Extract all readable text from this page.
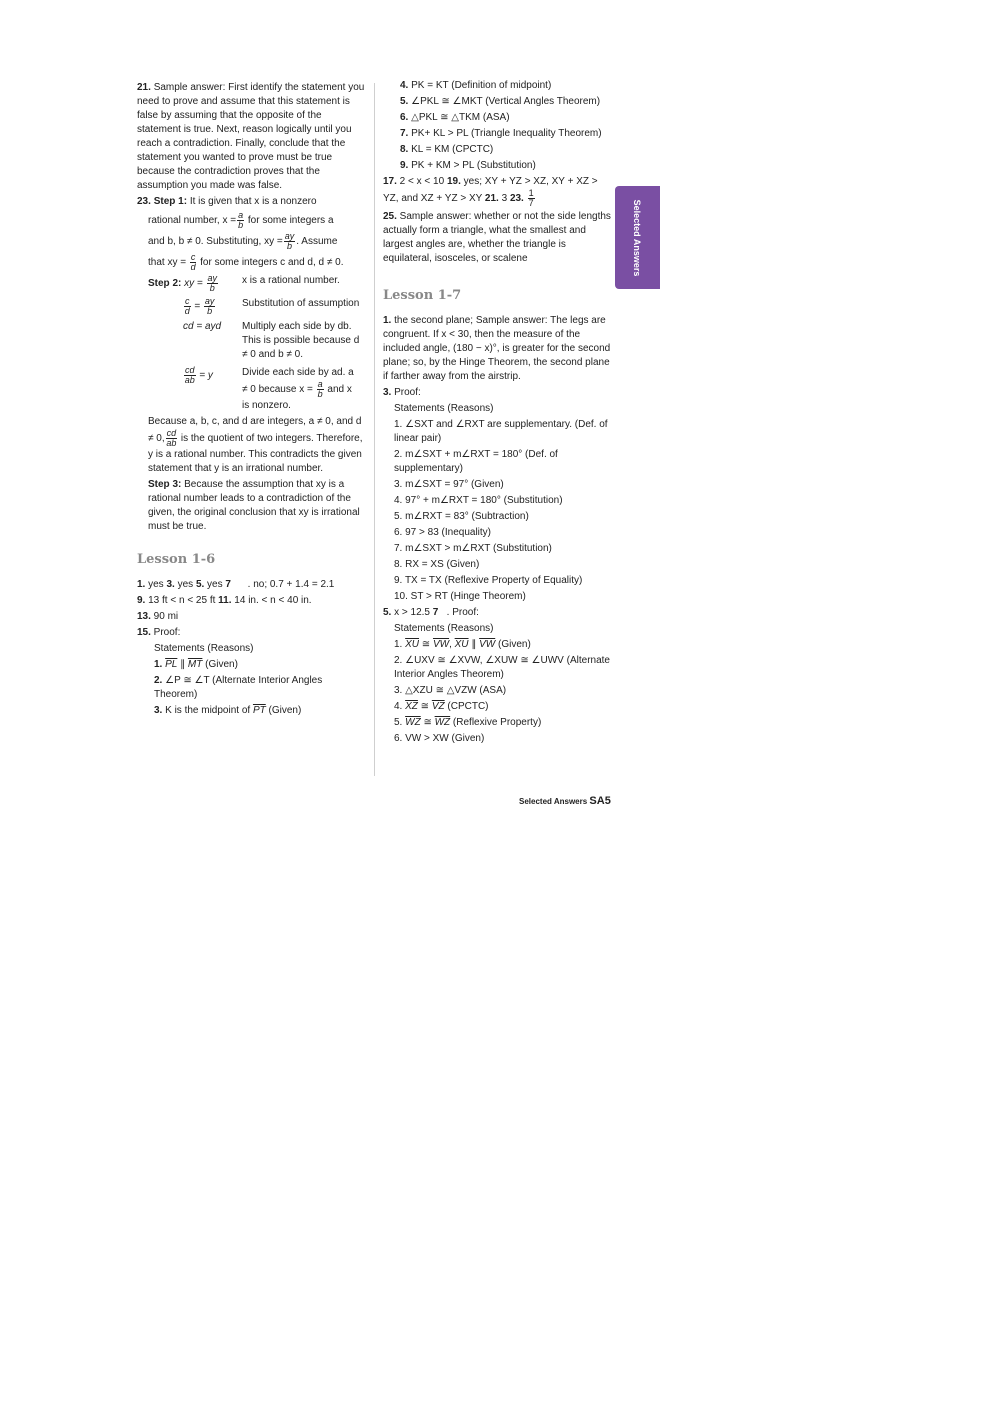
21. Sample answer: First identify the statement you need to prove and assume that this statement is false by assuming that the opposite of the statement is true. Next, reason logically until you reach a contradiction. Finally, conclude that the statement you wanted to prove must be true because the contradiction proves that the assumption you made was false.

23. Step 1: It is given that x is a nonzero

rational number, $x = \frac{a}{b}$ for some integers a
and b, b ≠ 0. Substituting, xy = $\frac{ay}{b}$ . Assume
that xy = $\frac{c}{d}$ for some integers c and d, d ≠ 0.
Step 2: xy = $\frac{ay}{b}$ x is a rational number.
$\frac{c}{d} = \frac{ay}{b}$	Substitution of assumption
cd = ayd	Multiply each side by db. This is possible because d ≠ 0 and b ≠ 0.
$\frac{cd}{ab} = y$	Divide each side by ad. a ≠ 0 because $x = \frac{a}{b}$ and x is nonzero.

Because a, b, c, and d are integers, a ≠ 0, and d ≠ 0, $\frac{cd}{ab}$ is the quotient of two integers. Therefore, y is a rational number. This contradicts the given statement that y is an irrational number.

Step 3: Because the assumption that xy is a rational number leads to a contradiction of the given, the original conclusion that xy is irrational must be true.

Lesson 1-6

1. yes 3. yes 5. yes 7      . no; 0.7 + 1.4 = 2.1

9. 13 ft < n < 25 ft 11. 14 in. < n < 40 in.

13. 90 mi

15. Proof:

Statements (Reasons)

1. $\overline{PL}$ ∥ $\overline{MT}$ (Given)

2. ∠P ≅ ∠T (Alternate Interior Angles Theorem)

3. K is the midpoint of $\overline{PT}$ (Given)

4. PK = KT (Definition of midpoint)

5. ∠PKL ≅ ∠MKT (Vertical Angles Theorem)

6. △PKL ≅ △TKM (ASA)

7. PK+ KL > PL (Triangle Inequality Theorem)

8. KL = KM (CPCTC)

9. PK + KM > PL (Substitution)

17. 2 < x < 10 19. yes; XY + YZ > XZ, XY + XZ > YZ, and XZ + YZ > XY 21. 3 23. $\frac{1}{7}$

25. Sample answer: whether or not the side lengths actually form a triangle, what the smallest and largest angles are, whether the triangle is equilateral, isosceles, or scalene

Lesson 1-7

1. the second plane; Sample answer: The legs are congruent. If x < 30, then the measure of the included angle, (180 − x)°, is greater for the second plane; so, by the Hinge Theorem, the second plane if farther away from the airstrip.

3. Proof:

Statements (Reasons)

1. ∠SXT and ∠RXT are supplementary. (Def. of linear pair)

2. m∠SXT + m∠RXT = 180° (Def. of supplementary)

3. m∠SXT = 97° (Given)

4. 97° + m∠RXT = 180° (Substitution)

5. m∠RXT = 83° (Subtraction)

6. 97 > 83 (Inequality)

7. m∠SXT > m∠RXT (Substitution)

8. RX = XS (Given)

9. TX = TX (Reflexive Property of Equality)

10. ST > RT (Hinge Theorem)

5. x > 12.5 7   . Proof:

Statements (Reasons)

1. $\overline{XU}$ ≅ $\overline{VW}$, $\overline{XU}$ ∥ $\overline{VW}$ (Given)

2. ∠UXV ≅ ∠XVW, ∠XUW ≅ ∠UWV (Alternate Interior Angles Theorem)

3. △XZU ≅ △VZW (ASA)

4. $\overline{XZ}$ ≅ $\overline{VZ}$ (CPCTC)

5. $\overline{WZ}$ ≅ $\overline{WZ}$ (Reflexive Property)

6. VW > XW (Given)

Selected Answers
Selected Answers SA5
